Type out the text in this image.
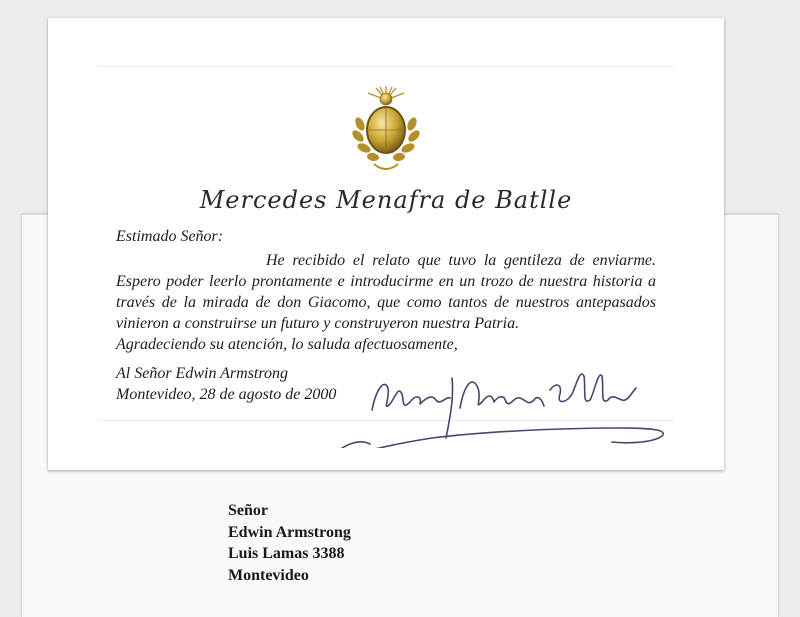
Mercedes Menafra de Batlle

Estimado Señor:

He recibido el relato que tuvo la gentileza de enviarme. Espero poder leerlo prontamente e introducirme en un trozo de nuestra historia a través de la mirada de don Giacomo, que como tantos de nuestros antepasados vinieron a construirse un futuro y construyeron nuestra Patria.

Agradeciendo su atención, lo saluda afectuosamente,

Al Señor Edwin Armstrong
Montevideo, 28 de agosto de 2000
Señor
Edwin Armstrong
Luis Lamas 3388
Montevideo
